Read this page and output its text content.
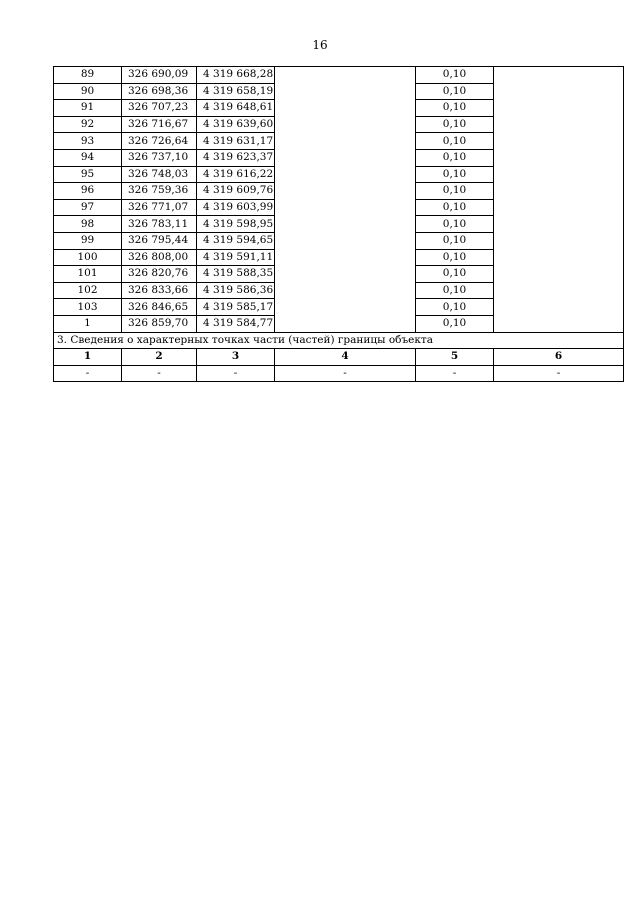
16
89	326 690,09	4 319 668,28		0,10	
90	326 698,36	4 319 658,19		0,10	
91	326 707,23	4 319 648,61		0,10	
92	326 716,67	4 319 639,60		0,10	
93	326 726,64	4 319 631,17		0,10	
94	326 737,10	4 319 623,37		0,10	
95	326 748,03	4 319 616,22		0,10	
96	326 759,36	4 319 609,76		0,10	
97	326 771,07	4 319 603,99		0,10	
98	326 783,11	4 319 598,95		0,10	
99	326 795,44	4 319 594,65		0,10	
100	326 808,00	4 319 591,11		0,10	
101	326 820,76	4 319 588,35		0,10	
102	326 833,66	4 319 586,36		0,10	
103	326 846,65	4 319 585,17		0,10	
1	326 859,70	4 319 584,77		0,10	
3. Сведения о характерных точках части (частей) границы объекта					
1	2	3	4	5	6
-	-	-	-	-	-
